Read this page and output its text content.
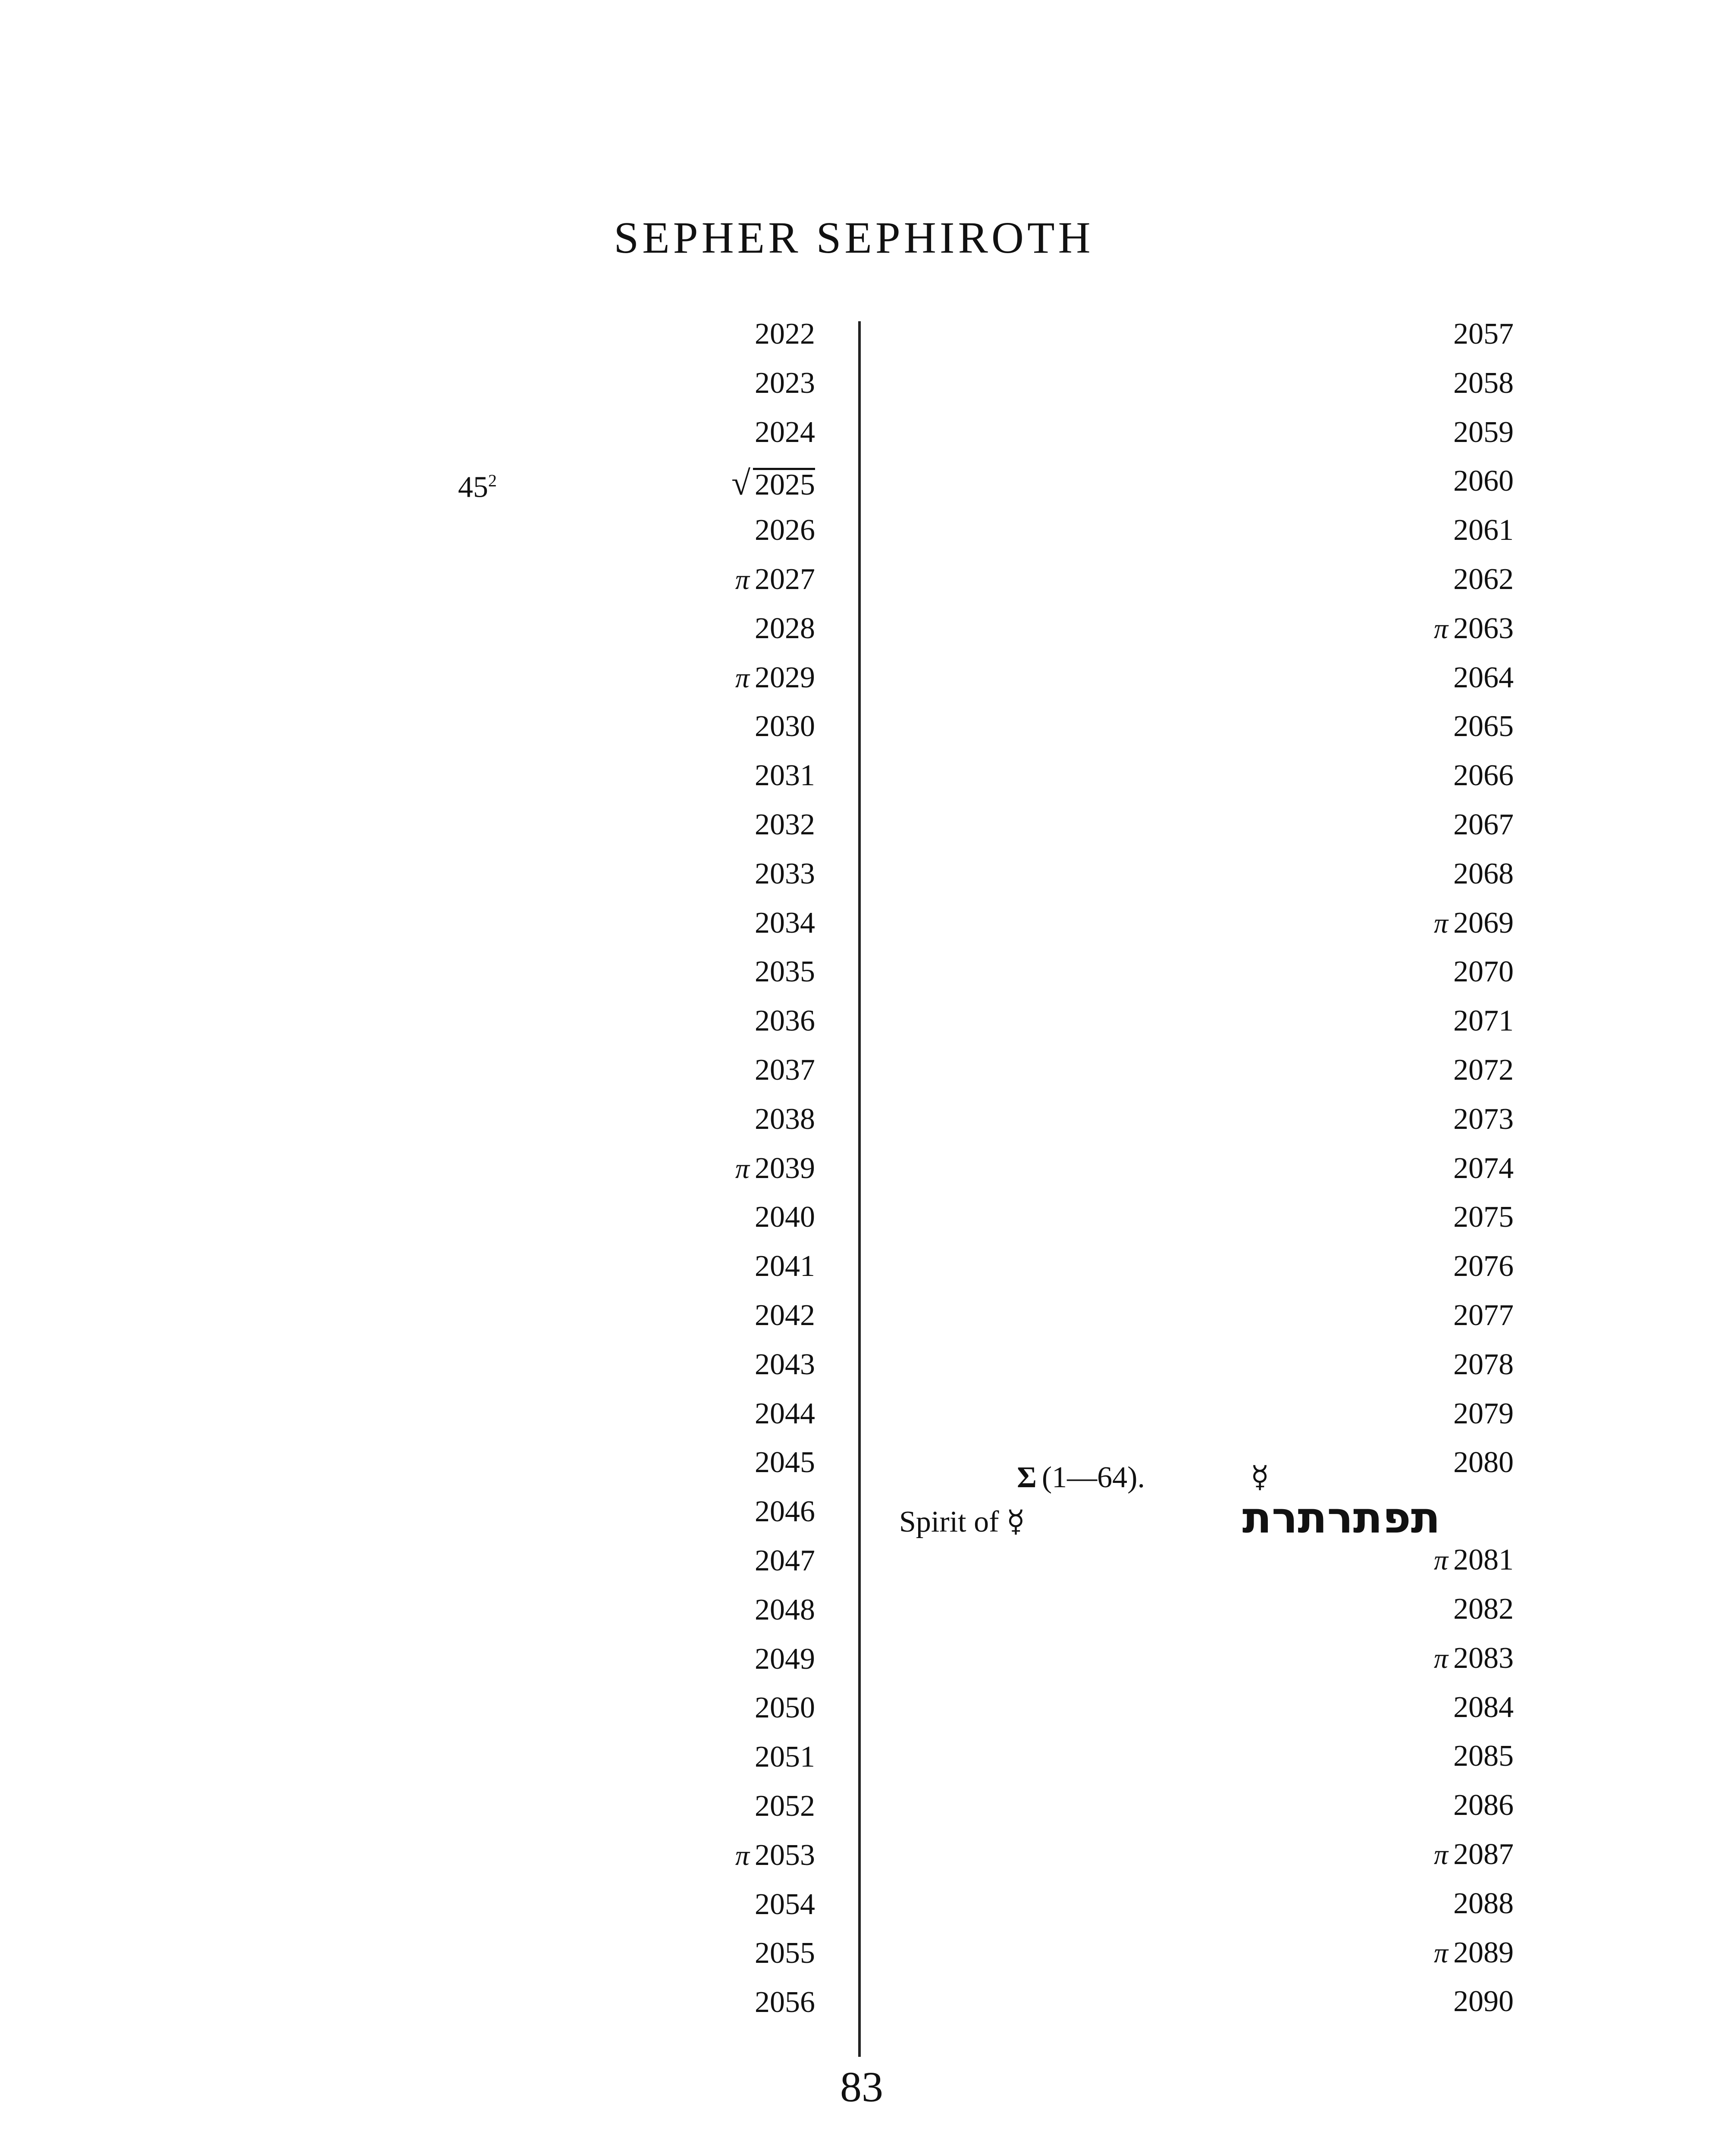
SEPHER SEPHIROTH
2022
2023
2024
√ 2025
2026
π 2027
2028
π 2029
2030
2031
2032
2033
2034
2035
2036
2037
2038
π 2039
2040
2041
2042
2043
2044
2045
2046
2047
2048
2049
2050
2051
2052
π 2053
2054
2055
2056
2057
2058
2059
2060
2061
2062
π 2063
2064
2065
2066
2067
2068
π 2069
2070
2071
2072
2073
2074
2075
2076
2077
2078
2079
2080
π 2081
2082
π 2083
2084
2085
2086
π 2087
2088
π 2089
2090
$45^2$
Σ (1—64).	☿
Spirit of ☿	תפתרתרת
83
